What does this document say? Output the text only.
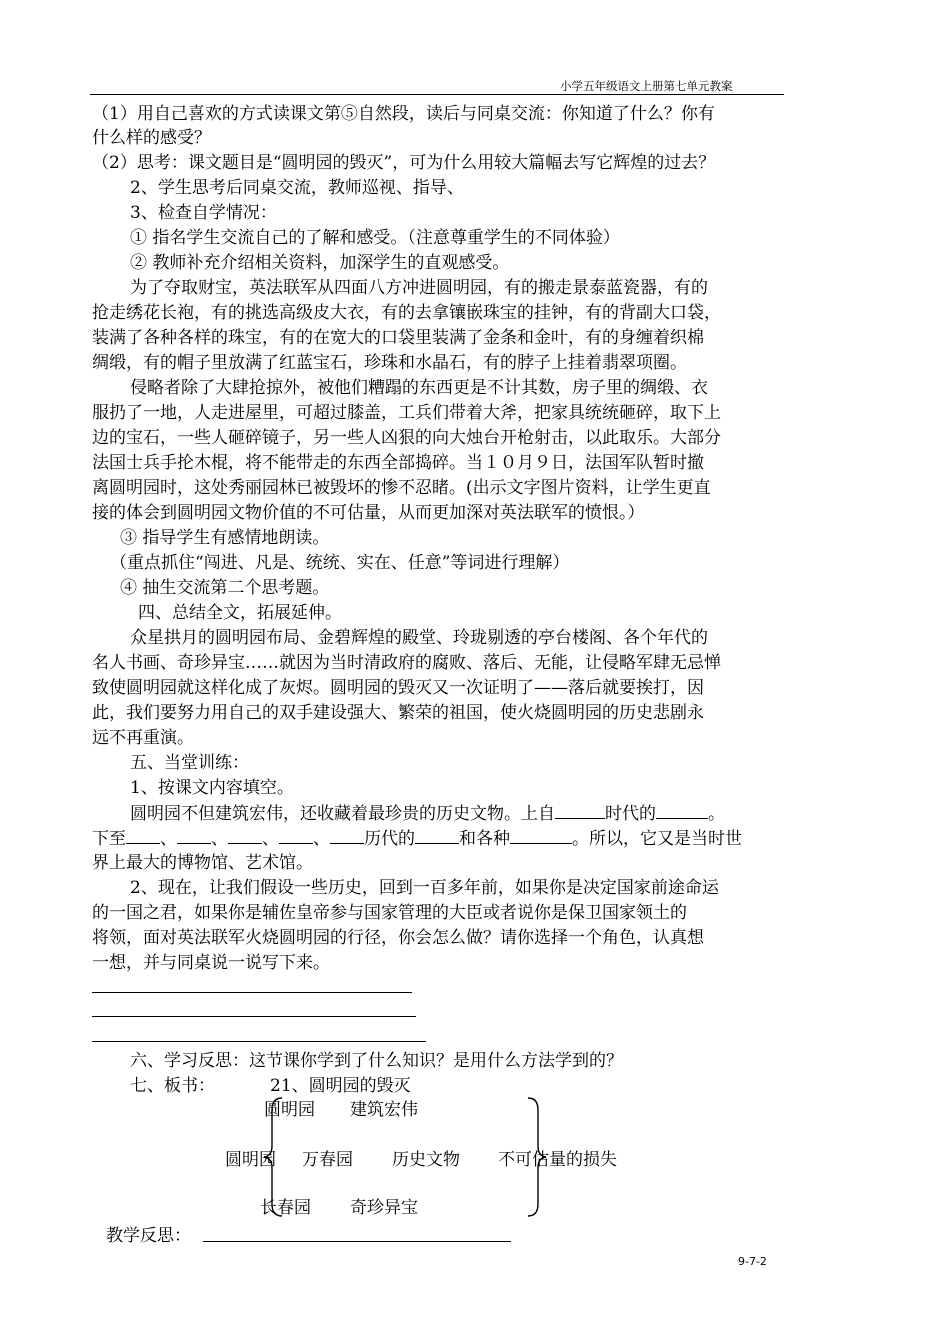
小学五年级语文上册第七单元教案
（1）用自己喜欢的方式读课文第⑤自然段，读后与同桌交流：你知道了什么？你有
什么样的感受？
（2）思考：课文题目是“圆明园的毁灭”，可为什么用较大篇幅去写它辉煌的过去？
2、学生思考后同桌交流，教师巡视、指导、
3、检查自学情况：
① 指名学生交流自己的了解和感受。（注意尊重学生的不同体验）
② 教师补充介绍相关资料，加深学生的直观感受。
为了夺取财宝，英法联军从四面八方冲进圆明园，有的搬走景泰蓝瓷器，有的
抢走绣花长袍，有的挑选高级皮大衣，有的去拿镶嵌珠宝的挂钟，有的背副大口袋，
装满了各种各样的珠宝，有的在宽大的口袋里装满了金条和金叶，有的身缠着织棉
绸缎，有的帽子里放满了红蓝宝石，珍珠和水晶石，有的脖子上挂着翡翠项圈。
侵略者除了大肆抢掠外，被他们糟蹋的东西更是不计其数，房子里的绸缎、衣
服扔了一地，人走进屋里，可超过膝盖，工兵们带着大斧，把家具统统砸碎，取下上
边的宝石，一些人砸碎镜子，另一些人凶狠的向大烛台开枪射击，以此取乐。大部分
法国士兵手抡木棍，将不能带走的东西全部捣碎。当１０月９日，法国军队暂时撤
离圆明园时，这处秀丽园林已被毁坏的惨不忍睹。(出示文字图片资料，让学生更直
接的体会到圆明园文物价值的不可估量，从而更加深对英法联军的愤恨。）
③ 指导学生有感情地朗读。
（重点抓住“闯进、凡是、统统、实在、任意”等词进行理解）
④ 抽生交流第二个思考题。
四、总结全文，拓展延伸。
众星拱月的圆明园布局、金碧辉煌的殿堂、玲珑剔透的亭台楼阁、各个年代的
名人书画、奇珍异宝……就因为当时清政府的腐败、落后、无能，让侵略军肆无忌惮
致使圆明园就这样化成了灰烬。圆明园的毁灭又一次证明了——落后就要挨打，因
此，我们要努力用自己的双手建设强大、繁荣的祖国，使火烧圆明园的历史悲剧永
远不再重演。
五、当堂训练：
1、按课文内容填空。
圆明园不但建筑宏伟，还收藏着最珍贵的历史文物。上自	时代的	。
下至 、 、 、 、 历代的	和各种	。所以，它又是当时世
界上最大的博物馆、艺术馆。
2、现在，让我们假设一些历史，回到一百多年前，如果你是决定国家前途命运
的一国之君，如果你是辅佐皇帝参与国家管理的大臣或者说你是保卫国家领土的
将领，面对英法联军火烧圆明园的行径，你会怎么做？请你选择一个角色，认真想
一想，并与同桌说一说写下来。
六、学习反思：这节课你学到了什么知识？是用什么方法学到的？
七、板书：	21、圆明园的毁灭
圆明园 建筑宏伟
圆明园 万春园 历史文物 不可估量的损失
长春园 奇珍异宝
教学反思：
9-7-2
